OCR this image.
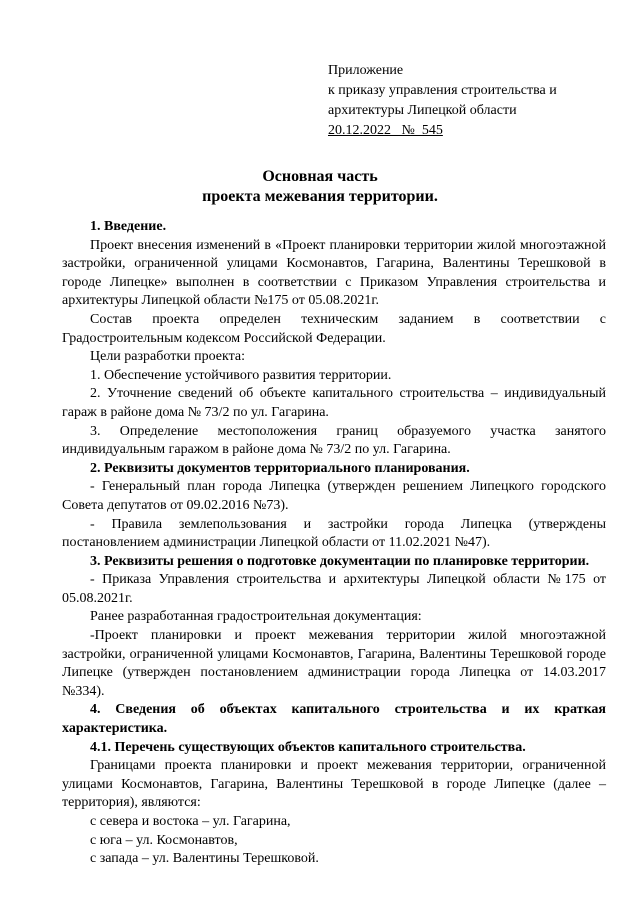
Приложение
к приказу управления строительства и
архитектуры Липецкой области
20.12.2022   №  545
Основная часть
проекта межевания территории.

1. Введение.

Проект внесения изменений в «Проект планировки территории жилой многоэтажной застройки, ограниченной улицами Космонавтов, Гагарина, Валентины Терешковой в городе Липецке» выполнен в соответствии с Приказом Управления строительства и архитектуры Липецкой области №175 от 05.08.2021г.

Состав проекта определен техническим заданием в соответствии с Градостроительным кодексом Российской Федерации.

Цели разработки проекта:

1. Обеспечение устойчивого развития территории.

2. Уточнение сведений об объекте капитального строительства – индивидуальный гараж в районе дома № 73/2 по ул. Гагарина.

3. Определение местоположения границ образуемого участка занятого индивидуальным гаражом в районе дома № 73/2 по ул. Гагарина.

2. Реквизиты документов территориального планирования.

- Генеральный план города Липецка (утвержден решением Липецкого городского Совета депутатов от 09.02.2016 №73).

- Правила землепользования и застройки города Липецка (утверждены постановлением администрации Липецкой области от 11.02.2021 №47).

3. Реквизиты решения о подготовке документации по планировке территории.

- Приказа Управления строительства и архитектуры Липецкой области №175 от 05.08.2021г.

Ранее разработанная градостроительная документация:

-Проект планировки и проект межевания территории жилой многоэтажной застройки, ограниченной улицами Космонавтов, Гагарина, Валентины Терешковой городе Липецке (утвержден постановлением администрации города Липецка от 14.03.2017 №334).

4. Сведения об объектах капитального строительства и их краткая характеристика.

4.1. Перечень существующих объектов капитального строительства.

Границами проекта планировки и проект межевания территории, ограниченной улицами Космонавтов, Гагарина, Валентины Терешковой в городе Липецке (далее – территория), являются:

с севера и востока – ул. Гагарина,

с юга – ул. Космонавтов,

с запада – ул. Валентины Терешковой.
